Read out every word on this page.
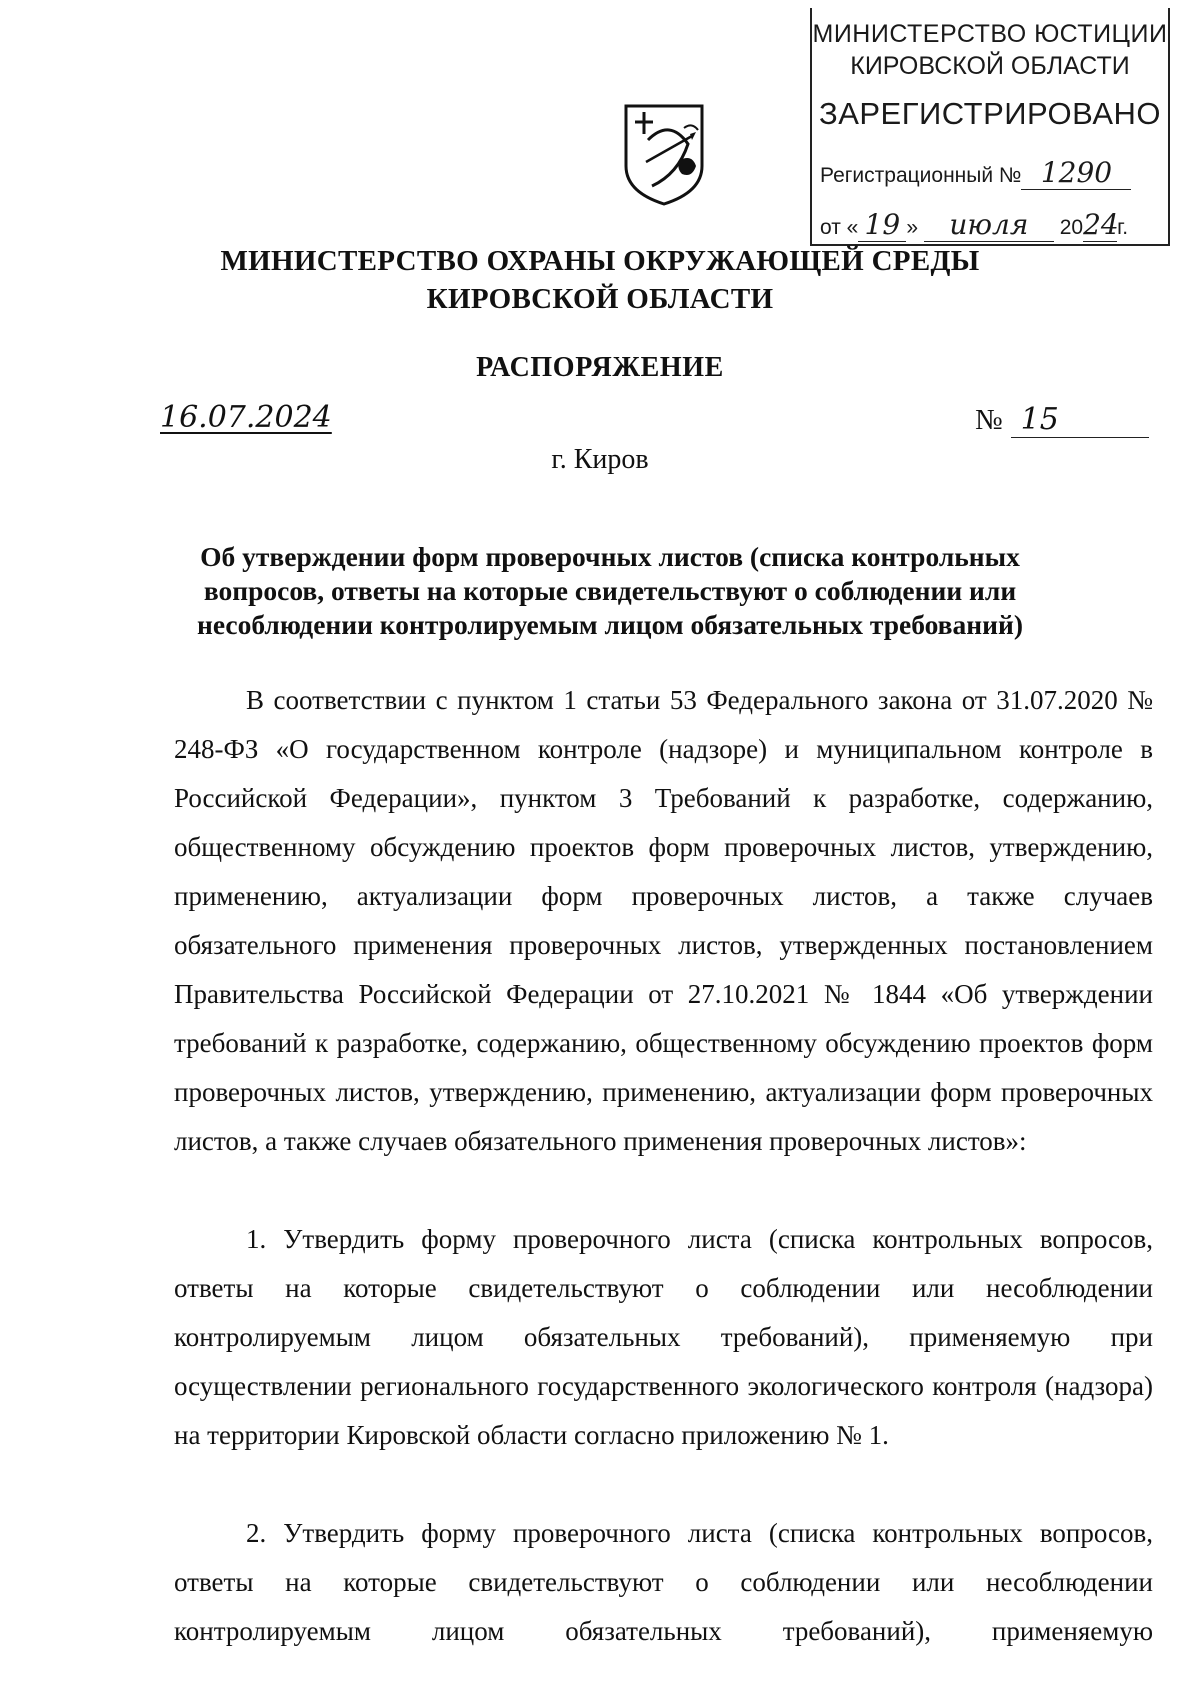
МИНИСТЕРСТВО ЮСТИЦИИ
КИРОВСКОЙ ОБЛАСТИ
ЗАРЕГИСТРИРОВАНО
Регистрационный № 1290
от « 19 » июля 2024г.
МИНИСТЕРСТВО ОХРАНЫ ОКРУЖАЮЩЕЙ СРЕДЫ
КИРОВСКОЙ ОБЛАСТИ
РАСПОРЯЖЕНИЕ
16.07.2024	№ 15
г. Киров
Об утверждении форм проверочных листов (списка контрольных
вопросов, ответы на которые свидетельствуют о соблюдении или
несоблюдении контролируемым лицом обязательных требований)

В соответствии с пунктом 1 статьи 53 Федерального закона от 31.07.2020 № 248-ФЗ «О государственном контроле (надзоре) и муниципальном контроле в Российской Федерации», пунктом 3 Требований к разработке, содержанию, общественному обсуждению проектов форм проверочных листов, утверждению, применению, актуализации форм проверочных листов, а также случаев обязательного применения проверочных листов, утвержденных постановлением Правительства Российской Федерации от 27.10.2021 № 1844 «Об утверждении требований к разработке, содержанию, общественному обсуждению проектов форм проверочных листов, утверждению, применению, актуализации форм проверочных листов, а также случаев обязательного применения проверочных листов»:

1. Утвердить форму проверочного листа (списка контрольных вопросов, ответы на которые свидетельствуют о соблюдении или несоблюдении контролируемым лицом обязательных требований), применяемую при осуществлении регионального государственного экологического контроля (надзора) на территории Кировской области согласно приложению № 1.

2. Утвердить форму проверочного листа (списка контрольных вопросов, ответы на которые свидетельствуют о соблюдении или несоблюдении контролируемым лицом обязательных требований), применяемую
